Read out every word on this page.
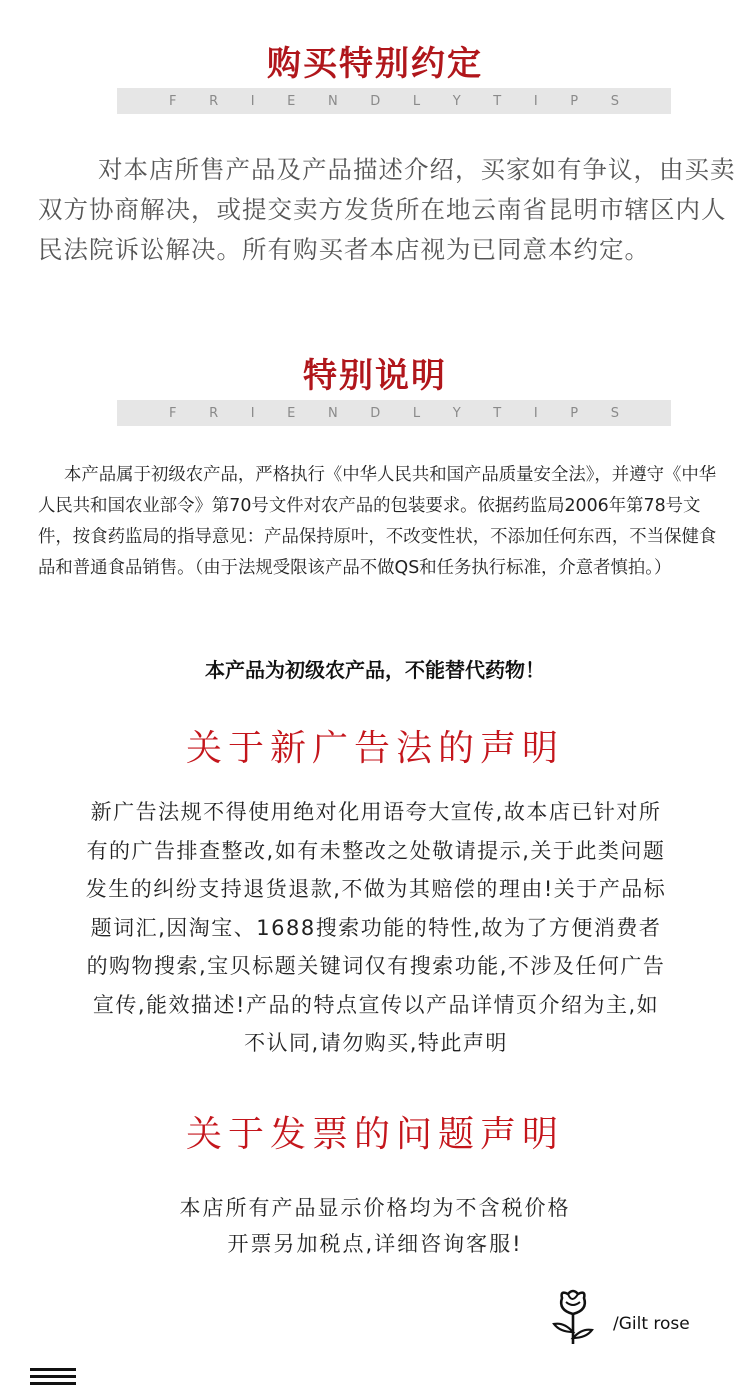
购买特别约定
F	R	I	E	N	D	L	Y	T	I	P	S
对本店所售产品及产品描述介绍，买家如有争议，由买卖双方协商解决，或提交卖方发货所在地云南省昆明市辖区内人民法院诉讼解决。所有购买者本店视为已同意本约定。
特别说明
F	R	I	E	N	D	L	Y	T	I	P	S
本产品属于初级农产品，严格执行《中华人民共和国产品质量安全法》，并遵守《中华人民共和国农业部令》第70号文件对农产品的包装要求。依据药监局2006年第78号文件，按食药监局的指导意见：产品保持原叶，不改变性状，不添加任何东西，不当保健食品和普通食品销售。（由于法规受限该产品不做QS和任务执行标准，介意者慎拍。）
本产品为初级农产品，不能替代药物！
关于新广告法的声明
新广告法规不得使用绝对化用语夸大宣传,故本店已针对所
有的广告排查整改,如有未整改之处敬请提示,关于此类问题
发生的纠纷支持退货退款,不做为其赔偿的理由!关于产品标
题词汇,因淘宝、1688搜索功能的特性,故为了方便消费者
的购物搜索,宝贝标题关键词仅有搜索功能,不涉及任何广告
宣传,能效描述!产品的特点宣传以产品详情页介绍为主,如
不认同,请勿购买,特此声明
关于发票的问题声明
本店所有产品显示价格均为不含税价格
开票另加税点,详细咨询客服!
/Gilt rose
